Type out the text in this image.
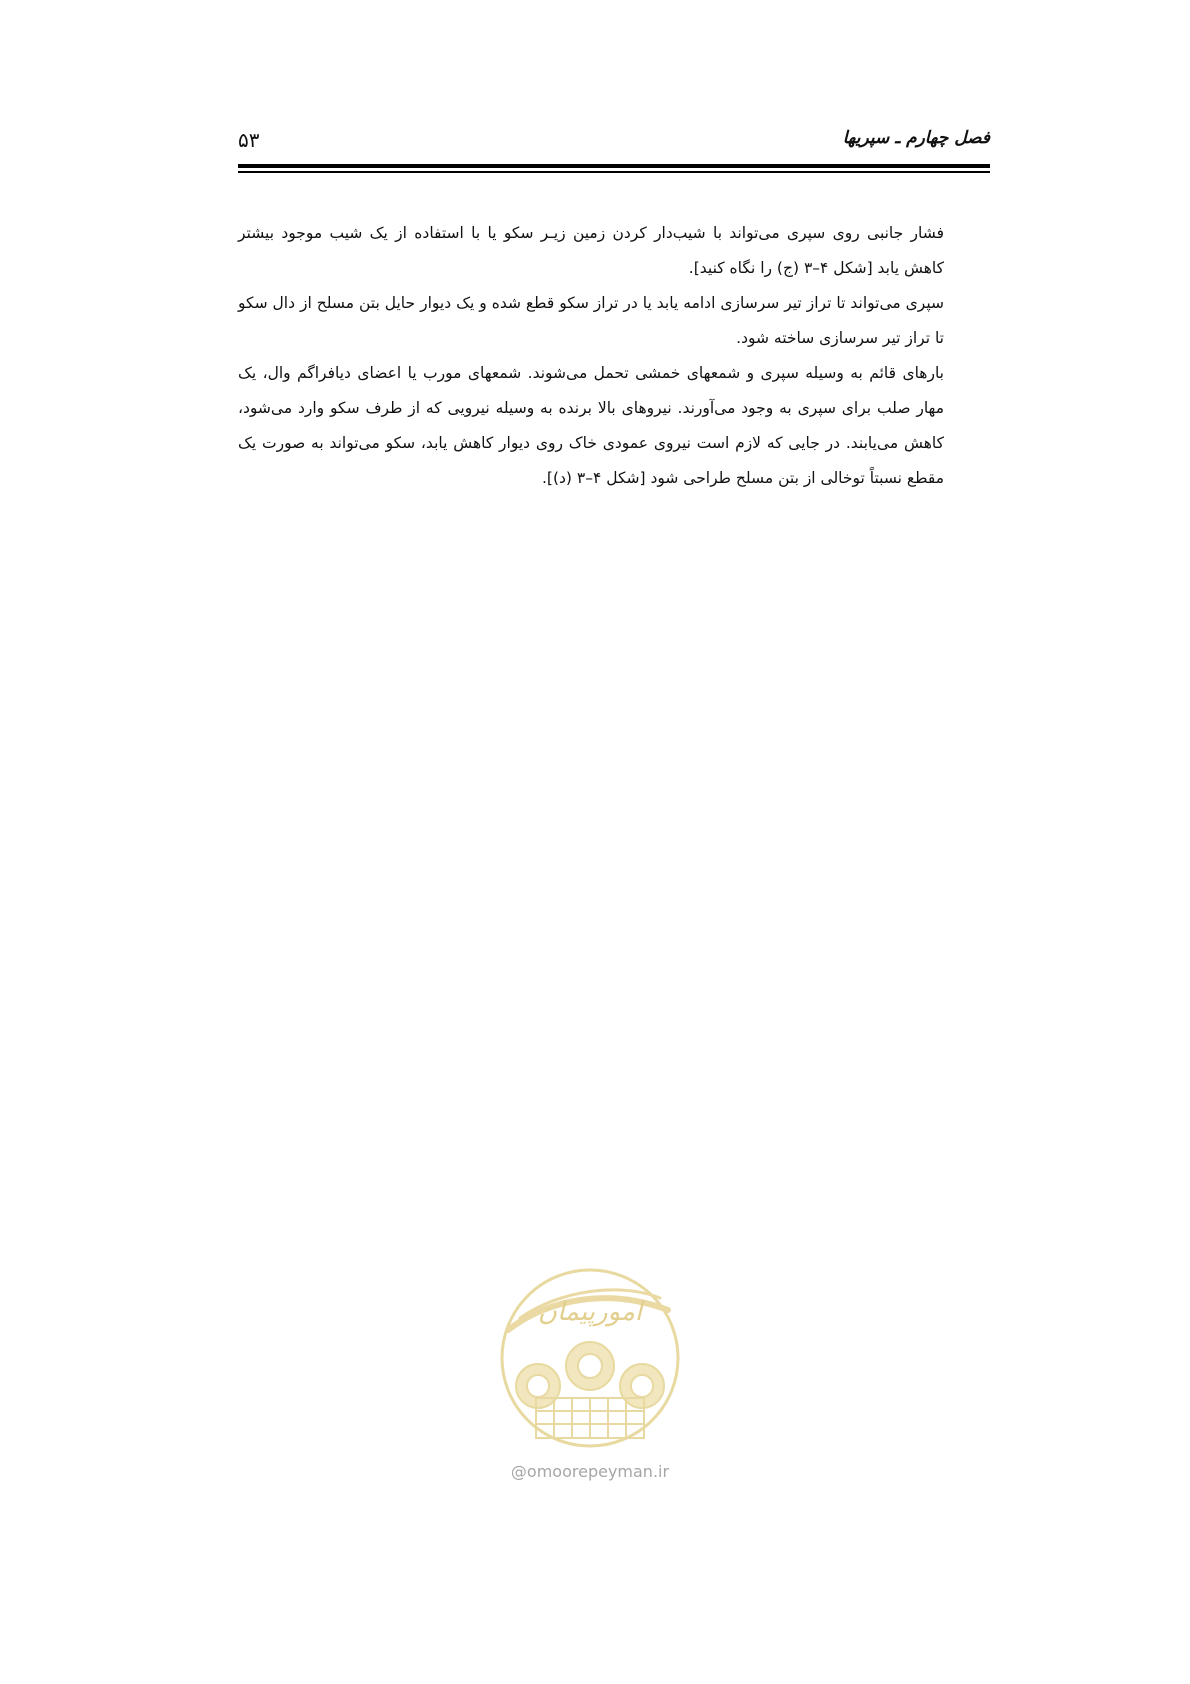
۵۳	فصل چهارم ـ سپریها

فشار جانبی روی سپری می‌تواند با شیب‌دار کردن زمین زیـر سکو یا با استفاده از یک شیب موجود بیشتر کاهش یابد [شکل ۴–۳ (ج) را نگاه کنید].

سپری می‌تواند تا تراز تیر سرسازی ادامه یابد یا در تراز سکو قطع شده و یک دیوار حایل بتن مسلح از دال سکو تا تراز تیر سرسازی ساخته شود.

بارهای قائم به وسیله سپری و شمعهای خمشی تحمل می‌شوند. شمعهای مورب یا اعضای دیافراگم وال، یک مهار صلب برای سپری به وجود می‌آورند. نیروهای بالا برنده به وسیله نیرویی که از طرف سکو وارد می‌شود، کاهش می‌یابند. در جایی که لازم است نیروی عمودی خاک روی دیوار کاهش یابد، سکو می‌تواند به صورت یک مقطع نسبتاً توخالی از بتن مسلح طراحی شود [شکل ۴–۳ (د)].

امورپیمان
@omoorepeyman.ir
